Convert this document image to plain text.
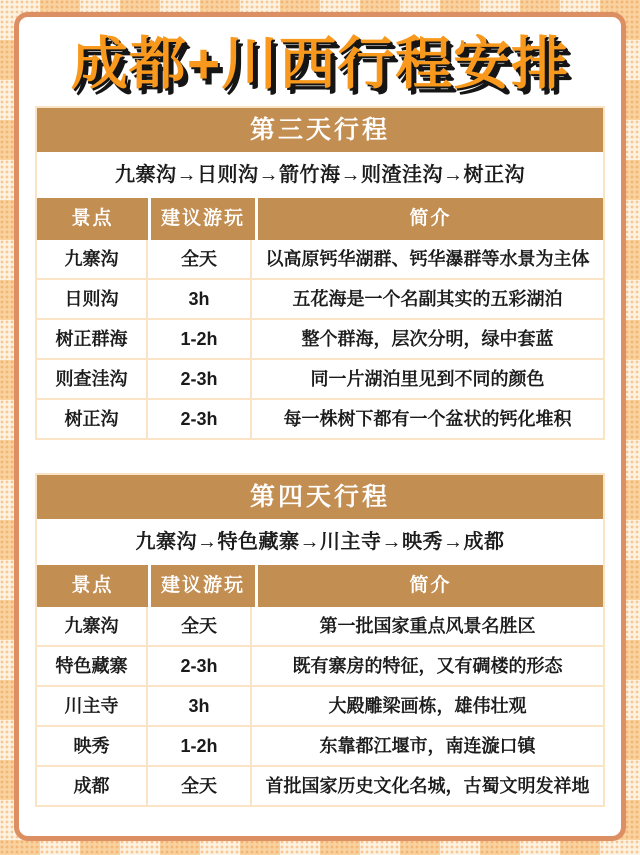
成都+川西行程安排
第三天行程
九寨沟→日则沟→箭竹海→则渣洼沟→树正沟
景点	建议游玩	简介
九寨沟	全天	以高原钙华湖群、钙华瀑群等水景为主体
日则沟	3h	五花海是一个名副其实的五彩湖泊
树正群海	1-2h	整个群海，层次分明，绿中套蓝
则查洼沟	2-3h	同一片湖泊里见到不同的颜色
树正沟	2-3h	每一株树下都有一个盆状的钙化堆积
第四天行程
九寨沟→特色藏寨→川主寺→映秀→成都
景点	建议游玩	简介
九寨沟	全天	第一批国家重点风景名胜区
特色藏寨	2-3h	既有寨房的特征，又有碉楼的形态
川主寺	3h	大殿雕梁画栋，雄伟壮观
映秀	1-2h	东靠都江堰市，南连漩口镇
成都	全天	首批国家历史文化名城，古蜀文明发祥地
